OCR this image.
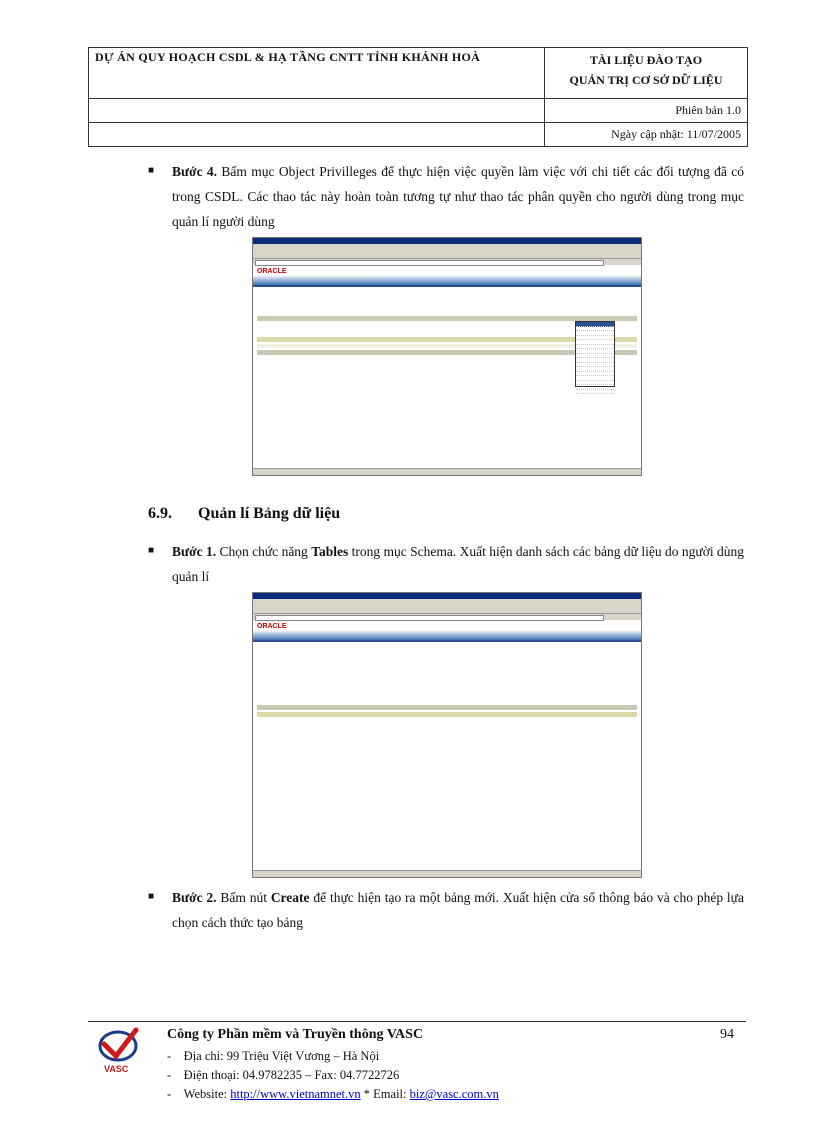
DỰ ÁN QUY HOẠCH CSDL & HẠ TẦNG CNTT TỈNH KHÁNH HOÀ	TÀI LIỆU ĐÀO TẠO
QUẢN TRỊ CƠ SỞ DỮ LIỆU

	Phiên bản 1.0
	Ngày cập nhật: 11/07/2005
■ Bước 4. Bấm mục Object Privilleges để thực hiện việc quyền làm việc với chi tiết các đối tượng đã có trong CSDL. Các thao tác này hoàn toàn tương tự như thao tác phân quyền cho người dùng trong mục quản lí người dùng
ORACLE

6.9. Quản lí Bảng dữ liệu
■ Bước 1. Chọn chức năng Tables trong mục Schema. Xuất hiện danh sách các bảng dữ liệu do người dùng quản lí
ORACLE

■ Bước 2. Bấm nút Create để thực hiện tạo ra một bảng mới. Xuất hiện cửa sổ thông báo và cho phép lựa chọn cách thức tạo bảng
VASC
Công ty Phần mềm và Truyền thông VASC	94
- Địa chỉ: 99 Triệu Việt Vương – Hà Nội
- Điện thoại: 04.9782235 – Fax: 04.7722726
- Website: http://www.vietnamnet.vn * Email: biz@vasc.com.vn
